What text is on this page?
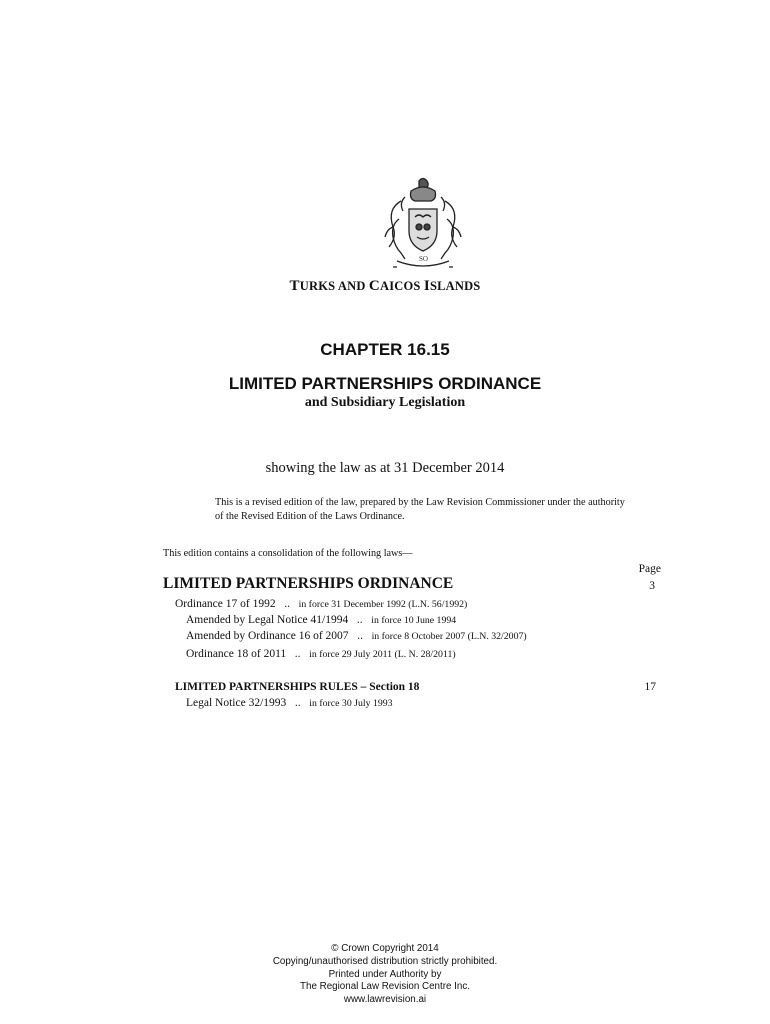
SO
TURKS AND CAICOS ISLANDS
CHAPTER 16.15
LIMITED PARTNERSHIPS ORDINANCE
and Subsidiary Legislation
showing the law as at 31 December 2014
This is a revised edition of the law, prepared by the Law Revision Commissioner under the authority
of the Revised Edition of the Laws Ordinance.
This edition contains a consolidation of the following laws—
Page
LIMITED PARTNERSHIPS ORDINANCE	3
Ordinance 17 of 1992 .. in force 31 December 1992 (L.N. 56/1992)
Amended by Legal Notice 41/1994 .. in force 10 June 1994
Amended by Ordinance 16 of 2007 .. in force 8 October 2007 (L.N. 32/2007)
Ordinance 18 of 2011 .. in force 29 July 2011 (L. N. 28/2011)
LIMITED PARTNERSHIPS RULES – Section 18	17
Legal Notice 32/1993 .. in force 30 July 1993
© Crown Copyright 2014
Copying/unauthorised distribution strictly prohibited.
Printed under Authority by
The Regional Law Revision Centre Inc.
www.lawrevision.ai
